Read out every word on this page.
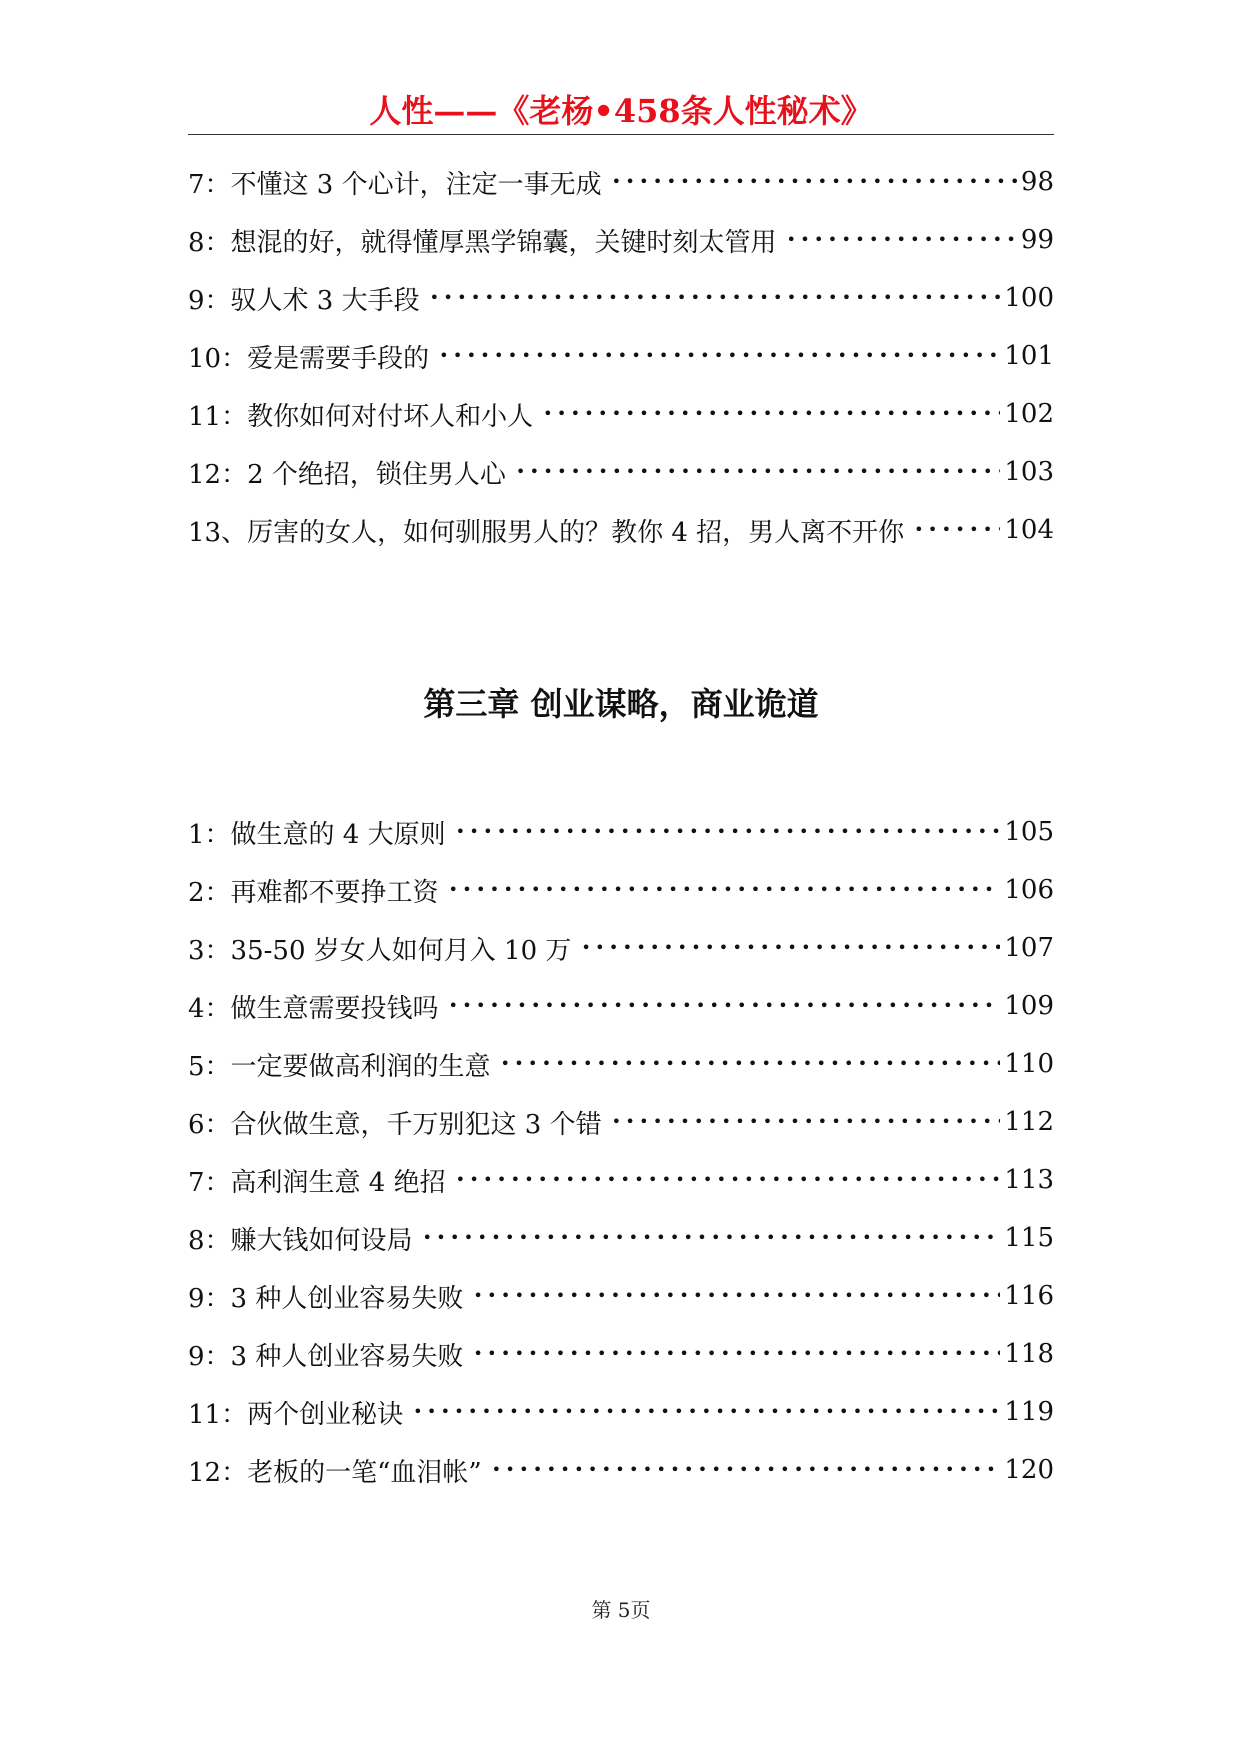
人性——《老杨•458条人性秘术》
7：不懂这 3 个心计，注定一事无成 •••••	98
8：想混的好，就得懂厚黑学锦囊，关键时刻太管用 •••••	99
9：驭人术 3 大手段 •••••	100
10：爱是需要手段的 •••••	101
11：教你如何对付坏人和小人 •••••	102
12：2 个绝招，锁住男人心 •••••	103
13、厉害的女人，如何驯服男人的？教你 4 招，男人离不开你 •••••	104
第三章 创业谋略，商业诡道
1：做生意的 4 大原则 •••••	105
2：再难都不要挣工资 •••••	106
3：35-50 岁女人如何月入 10 万 •••••	107
4：做生意需要投钱吗 •••••	109
5：一定要做高利润的生意 •••••	110
6：合伙做生意，千万别犯这 3 个错 •••••	112
7：高利润生意 4 绝招 •••••	113
8：赚大钱如何设局 •••••	115
9：3 种人创业容易失败 •••••	116
9：3 种人创业容易失败 •••••	118
11：两个创业秘诀 •••••	119
12：老板的一笔“血泪帐” •••••	120
第 5页
